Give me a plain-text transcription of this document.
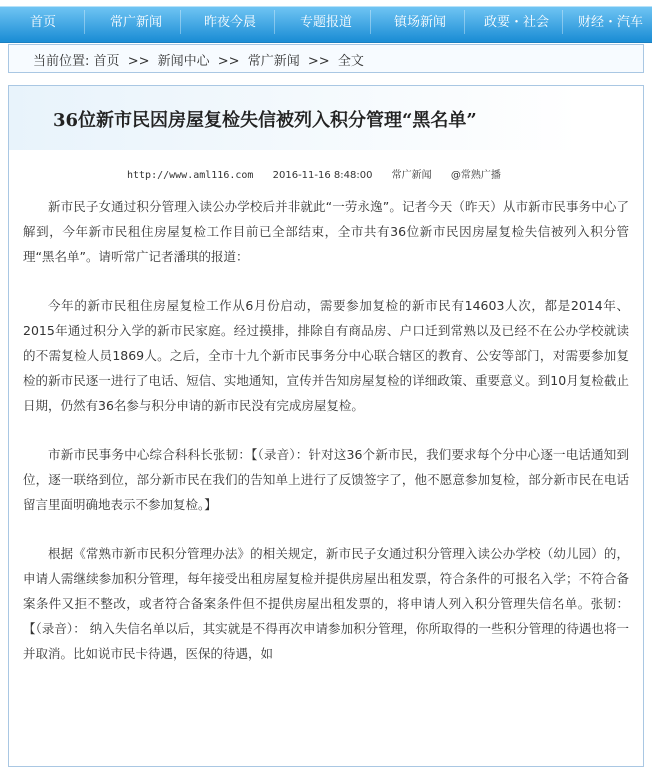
首页	常广新闻	昨夜今晨	专题报道	镇场新闻	政要・社会 财经・汽车
当前位置: 首页 >> 新闻中心 >> 常广新闻 >> 全文
36位新市民因房屋复检失信被列入积分管理“黑名单”
http://www.aml116.com 2016-11-16 8:48:00 常广新闻 @常熟广播

新市民子女通过积分管理入读公办学校后并非就此“一劳永逸”。记者今天（昨天）从市新市民事务中心了解到，今年新市民租住房屋复检工作目前已全部结束，全市共有36位新市民因房屋复检失信被列入积分管理“黑名单”。请听常广记者潘琪的报道：

今年的新市民租住房屋复检工作从6月份启动，需要参加复检的新市民有14603人次，都是2014年、2015年通过积分入学的新市民家庭。经过摸排，排除自有商品房、户口迁到常熟以及已经不在公办学校就读的不需复检人员1869人。之后，全市十九个新市民事务分中心联合辖区的教育、公安等部门，对需要参加复检的新市民逐一进行了电话、短信、实地通知，宣传并告知房屋复检的详细政策、重要意义。到10月复检截止日期，仍然有36名参与积分申请的新市民没有完成房屋复检。

市新市民事务中心综合科科长张韧：【（录音）：针对这36个新市民，我们要求每个分中心逐一电话通知到位，逐一联络到位，部分新市民在我们的告知单上进行了反馈签字了，他不愿意参加复检，部分新市民在电话留言里面明确地表示不参加复检。】

根据《常熟市新市民积分管理办法》的相关规定，新市民子女通过积分管理入读公办学校（幼儿园）的，申请人需继续参加积分管理，每年接受出租房屋复检并提供房屋出租发票，符合条件的可报名入学；不符合备案条件又拒不整改，或者符合备案条件但不提供房屋出租发票的，将申请人列入积分管理失信名单。张韧：【（录音）： 纳入失信名单以后，其实就是不得再次申请参加积分管理，你所取得的一些积分管理的待遇也将一并取消。比如说市民卡待遇，医保的待遇，如
